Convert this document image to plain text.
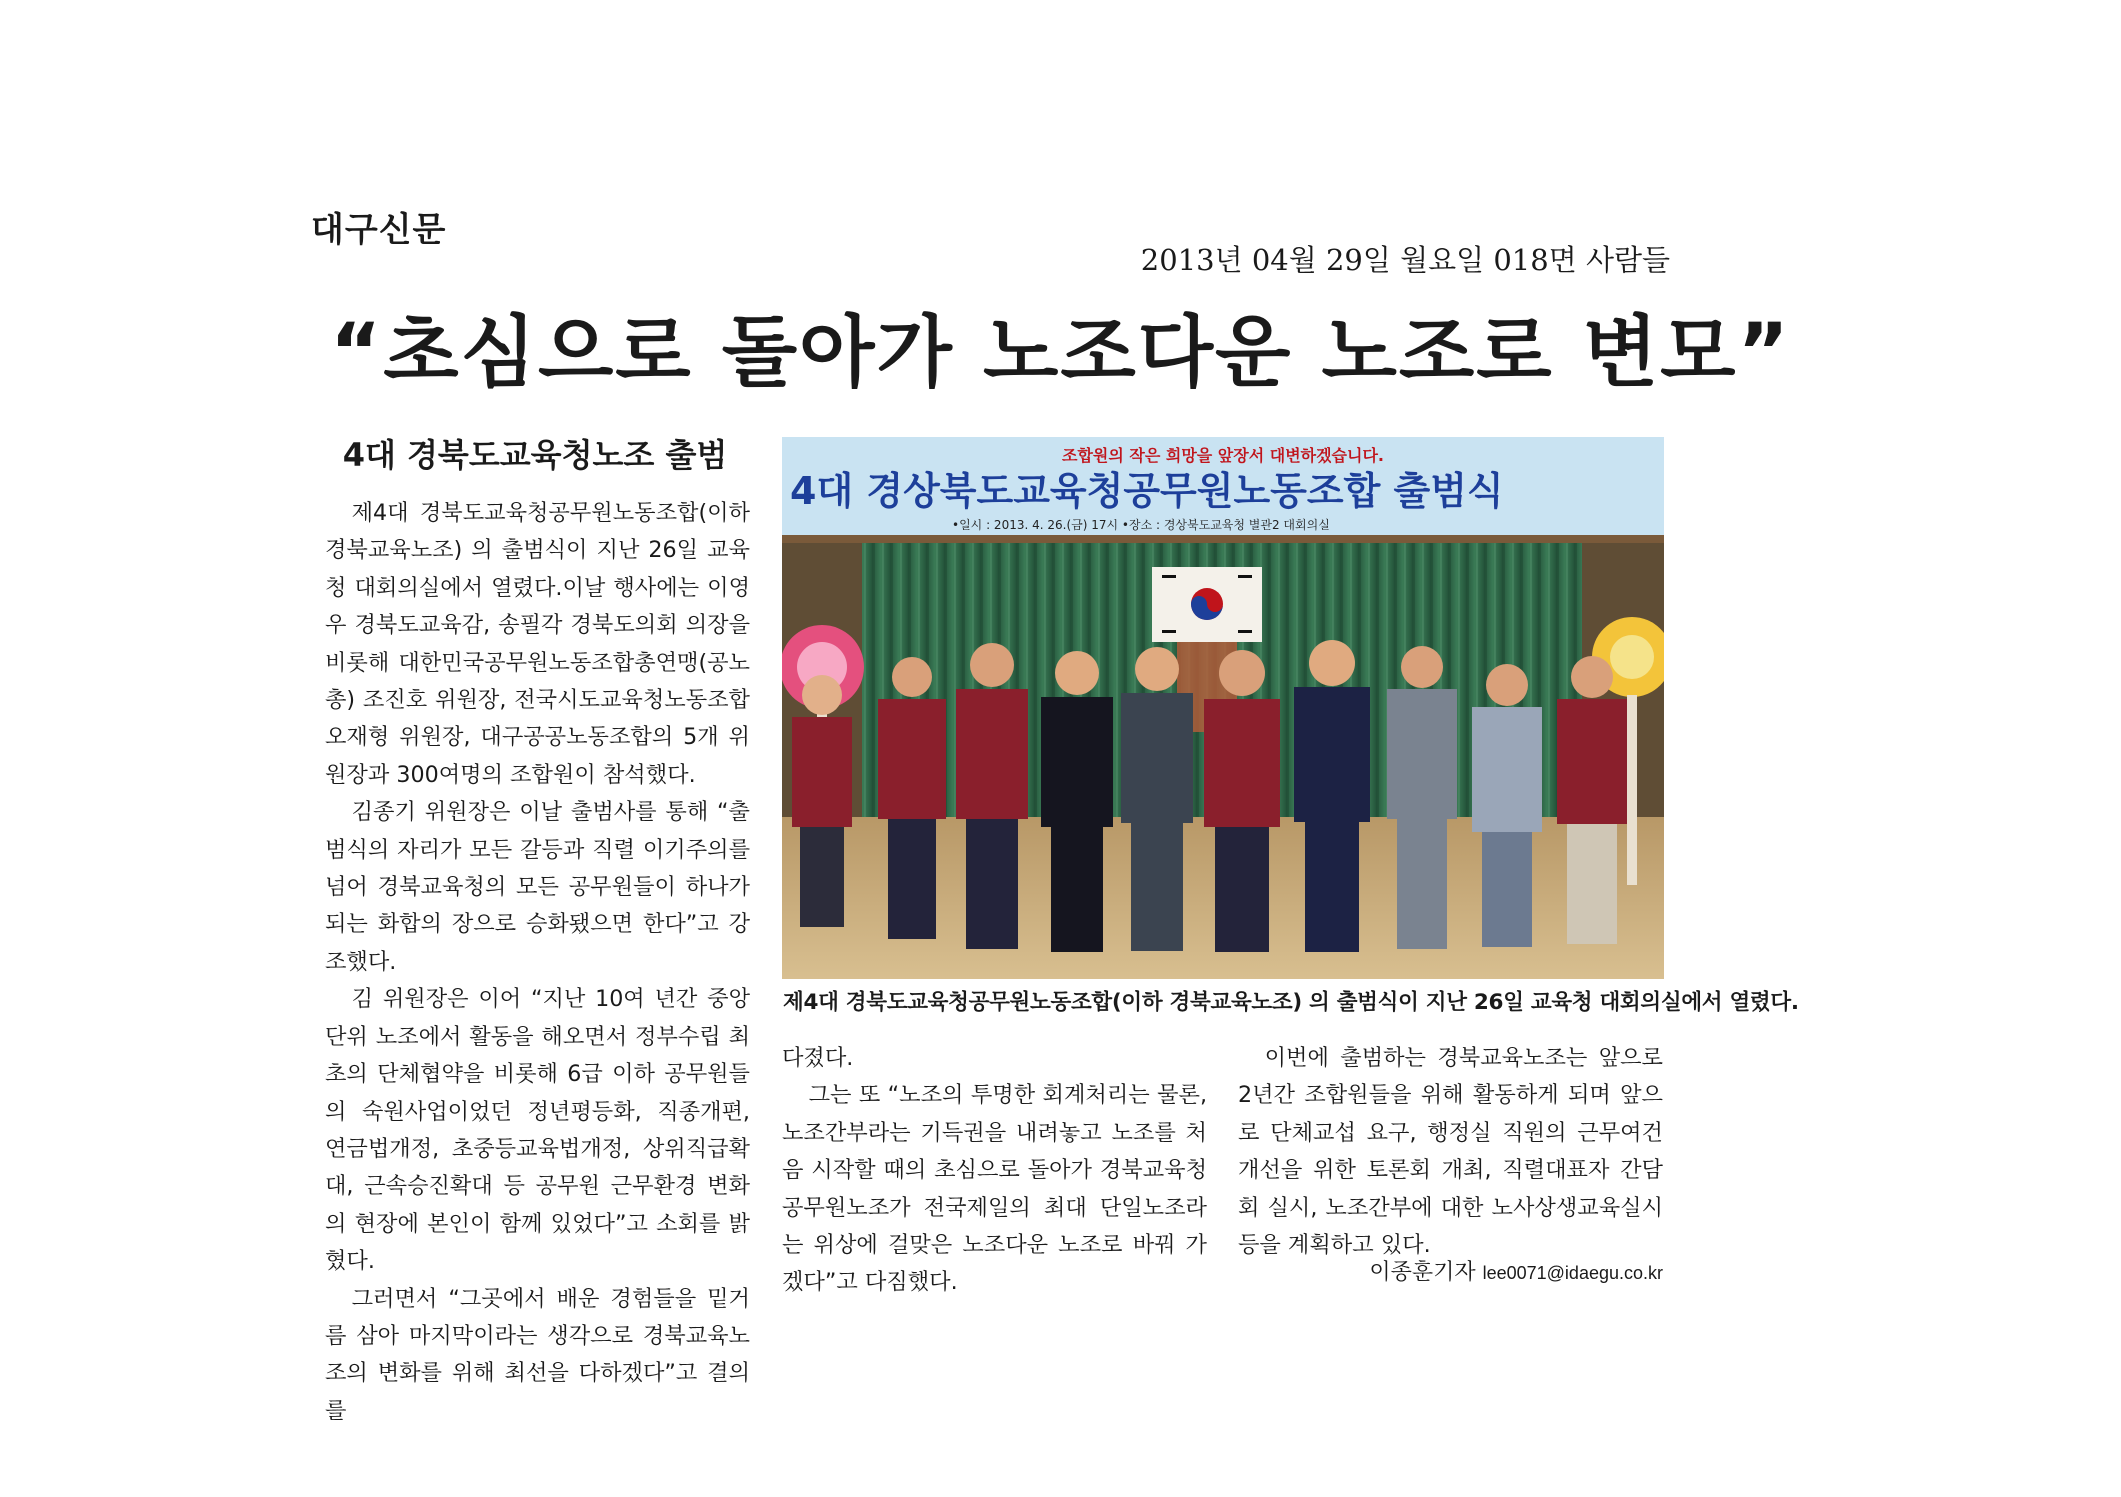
대구신문
2013년 04월 29일 월요일 018면 사람들
“초심으로 돌아가 노조다운 노조로 변모”
4대 경북도교육청노조 출범

제4대 경북도교육청공무원노동조합(이하 경북교육노조) 의 출범식이 지난 26일 교육청 대회의실에서 열렸다.이날 행사에는 이영우 경북도교육감, 송필각 경북도의회 의장을 비롯해 대한민국공무원노동조합총연맹(공노총) 조진호 위원장, 전국시도교육청노동조합 오재형 위원장, 대구공공노동조합의 5개 위원장과 300여명의 조합원이 참석했다.

김종기 위원장은 이날 출범사를 통해 “출범식의 자리가 모든 갈등과 직렬 이기주의를 넘어 경북교육청의 모든 공무원들이 하나가 되는 화합의 장으로 승화됐으면 한다”고 강조했다.

김 위원장은 이어 “지난 10여 년간 중앙단위 노조에서 활동을 해오면서 정부수립 최초의 단체협약을 비롯해 6급 이하 공무원들의 숙원사업이었던 정년평등화, 직종개편, 연금법개정, 초중등교육법개정, 상위직급확대, 근속승진확대 등 공무원 근무환경 변화의 현장에 본인이 함께 있었다”고 소회를 밝혔다.

그러면서 “그곳에서 배운 경험들을 밑거름 삼아 마지막이라는 생각으로 경북교육노조의 변화를 위해 최선을 다하겠다”고 결의를

조합원의 작은 희망을 앞장서 대변하겠습니다.
4대 경상북도교육청공무원노동조합 출범식
•일시 : 2013. 4. 26.(금) 17시 •장소 : 경상북도교육청 별관2 대회의실
제4대 경북도교육청공무원노동조합(이하 경북교육노조) 의 출범식이 지난 26일 교육청 대회의실에서 열렸다.

다졌다.

그는 또 “노조의 투명한 회계처리는 물론, 노조간부라는 기득권을 내려놓고 노조를 처음 시작할 때의 초심으로 돌아가 경북교육청공무원노조가 전국제일의 최대 단일노조라는 위상에 걸맞은 노조다운 노조로 바꿔 가겠다”고 다짐했다.

이번에 출범하는 경북교육노조는 앞으로 2년간 조합원들을 위해 활동하게 되며 앞으로 단체교섭 요구, 행정실 직원의 근무여건 개선을 위한 토론회 개최, 직렬대표자 간담회 실시, 노조간부에 대한 노사상생교육실시 등을 계획하고 있다.

이종훈기자 lee0071@idaegu.co.kr
